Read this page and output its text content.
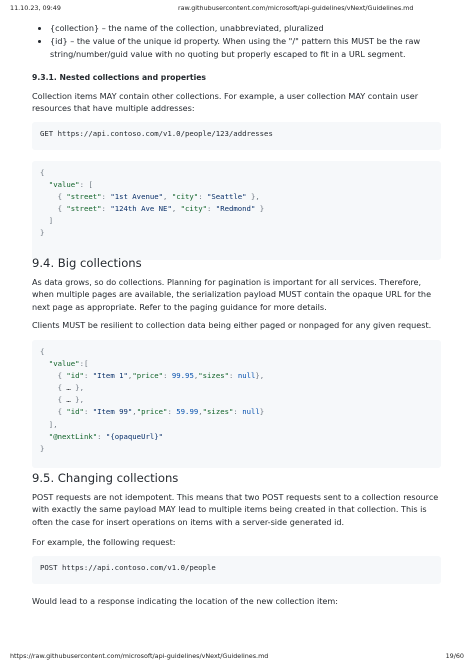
11.10.23, 09:49	raw.githubusercontent.com/microsoft/api-guidelines/vNext/Guidelines.md
• {collection} – the name of the collection, unabbreviated, pluralized
• {id} – the value of the unique id property. When using the "/" pattern this MUST be the raw string/number/guid value with no quoting but properly escaped to fit in a URL segment.
9.3.1. Nested collections and properties

Collection items MAY contain other collections. For example, a user collection MAY contain user resources that have multiple addresses:

GET https://api.contoso.com/v1.0/people/123/addresses
{
"value": [
{ "street": "1st Avenue", "city": "Seattle" },
{ "street": "124th Ave NE", "city": "Redmond" }
]
}
9.4. Big collections

As data grows, so do collections. Planning for pagination is important for all services. Therefore, when multiple pages are available, the serialization payload MUST contain the opaque URL for the next page as appropriate. Refer to the paging guidance for more details.

Clients MUST be resilient to collection data being either paged or nonpaged for any given request.

{
"value":[
{ "id": "Item 1","price": 99.95,"sizes": null},
{ … },
{ … },
{ "id": "Item 99","price": 59.99,"sizes": null}
],
"@nextLink": "{opaqueUrl}"
}
9.5. Changing collections

POST requests are not idempotent. This means that two POST requests sent to a collection resource with exactly the same payload MAY lead to multiple items being created in that collection. This is often the case for insert operations on items with a server-side generated id.

For example, the following request:

POST https://api.contoso.com/v1.0/people

Would lead to a response indicating the location of the new collection item:

https://raw.githubusercontent.com/microsoft/api-guidelines/vNext/Guidelines.md	19/60
